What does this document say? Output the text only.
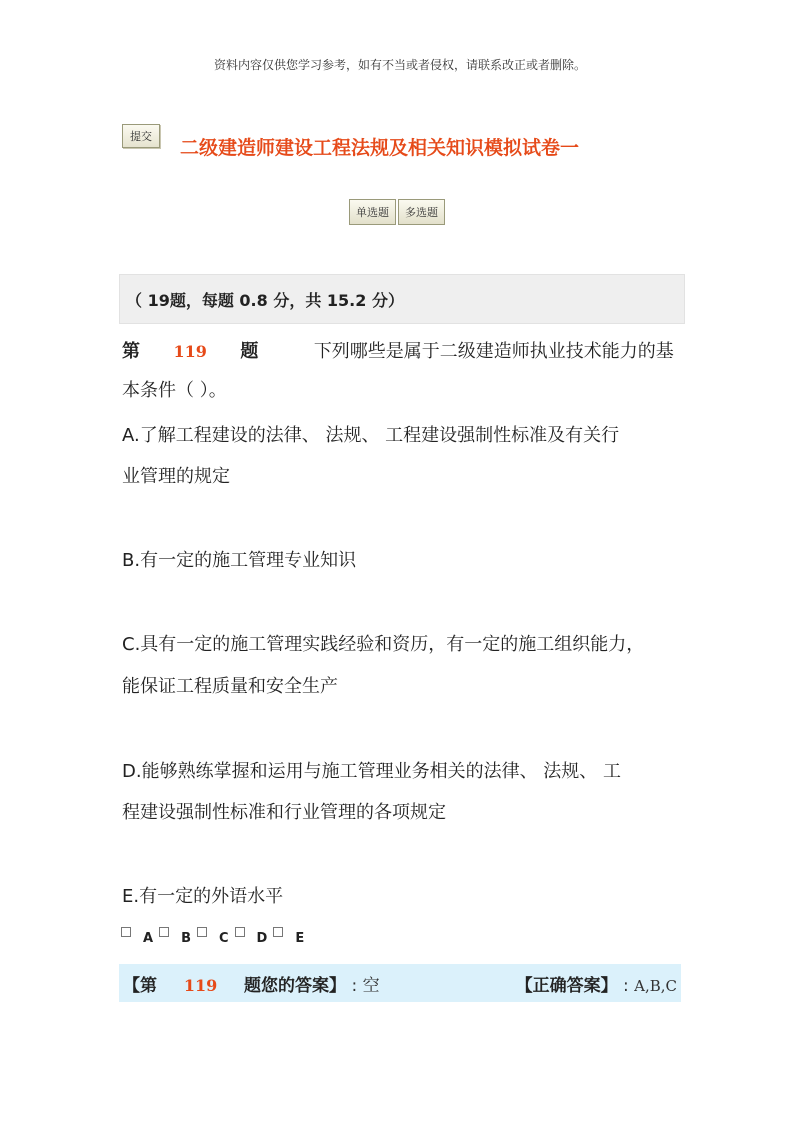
资料内容仅供您学习参考，如有不当或者侵权，请联系改正或者删除。
提交
二级建造师建设工程法规及相关知识模拟试卷一
单选题	多选题
（ 19题，每题 0.8 分，共 15.2 分）
第 119 题	下列哪些是属于二级建造师执业技术能力的基
本条件（ ）。
A.了解工程建设的法律、 法规、 工程建设强制性标准及有关行
业管理的规定
B.有一定的施工管理专业知识
C.具有一定的施工管理实践经验和资历，有一定的施工组织能力，
能保证工程质量和安全生产
D.能够熟练掌握和运用与施工管理业务相关的法律、 法规、 工
程建设强制性标准和行业管理的各项规定
E.有一定的外语水平
A B C D E
【第 119 题您的答案】 : 空	【正确答案】 : A,B,C
